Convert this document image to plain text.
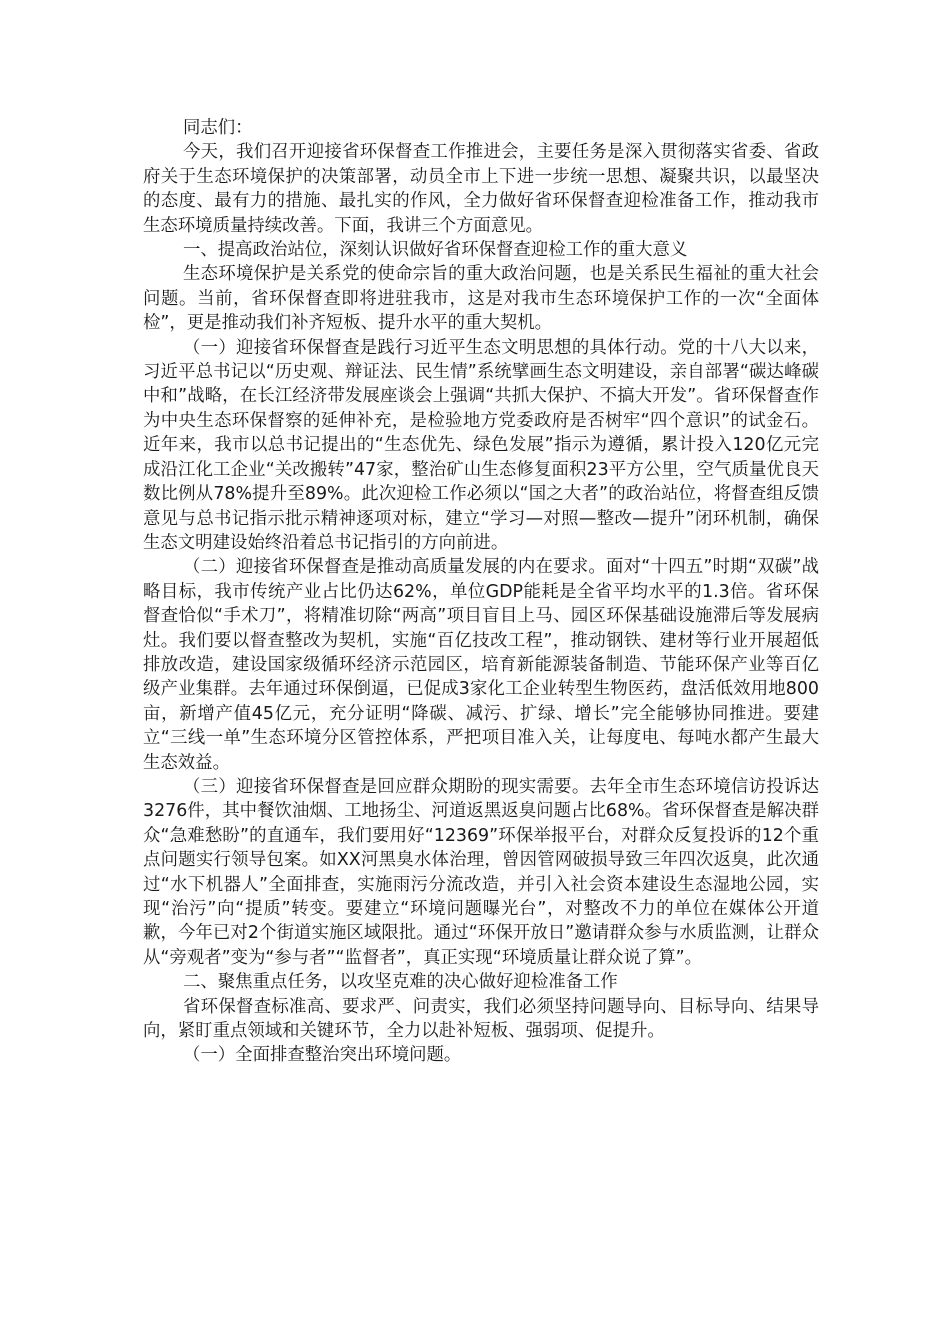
同志们：

今天，我们召开迎接省环保督查工作推进会，主要任务是深入贯彻落实省委、省政府关于生态环境保护的决策部署，动员全市上下进一步统一思想、凝聚共识，以最坚决的态度、最有力的措施、最扎实的作风，全力做好省环保督查迎检准备工作，推动我市生态环境质量持续改善。下面，我讲三个方面意见。

一、提高政治站位，深刻认识做好省环保督查迎检工作的重大意义

生态环境保护是关系党的使命宗旨的重大政治问题，也是关系民生福祉的重大社会问题。当前，省环保督查即将进驻我市，这是对我市生态环境保护工作的一次“全面体检”，更是推动我们补齐短板、提升水平的重大契机。

（一）迎接省环保督查是践行习近平生态文明思想的具体行动。党的十八大以来，习近平总书记以“历史观、辩证法、民生情”系统擘画生态文明建设，亲自部署“碳达峰碳中和”战略，在长江经济带发展座谈会上强调“共抓大保护、不搞大开发”。省环保督查作为中央生态环保督察的延伸补充，是检验地方党委政府是否树牢“四个意识”的试金石。近年来，我市以总书记提出的“生态优先、绿色发展”指示为遵循，累计投入120亿元完成沿江化工企业“关改搬转”47家，整治矿山生态修复面积23平方公里，空气质量优良天数比例从78%提升至89%。此次迎检工作必须以“国之大者”的政治站位，将督查组反馈意见与总书记指示批示精神逐项对标，建立“学习—对照—整改—提升”闭环机制，确保生态文明建设始终沿着总书记指引的方向前进。

（二）迎接省环保督查是推动高质量发展的内在要求。面对“十四五”时期“双碳”战略目标，我市传统产业占比仍达62%，单位GDP能耗是全省平均水平的1.3倍。省环保督查恰似“手术刀”，将精准切除“两高”项目盲目上马、园区环保基础设施滞后等发展病灶。我们要以督查整改为契机，实施“百亿技改工程”，推动钢铁、建材等行业开展超低排放改造，建设国家级循环经济示范园区，培育新能源装备制造、节能环保产业等百亿级产业集群。去年通过环保倒逼，已促成3家化工企业转型生物医药，盘活低效用地800亩，新增产值45亿元，充分证明“降碳、减污、扩绿、增长”完全能够协同推进。要建立“三线一单”生态环境分区管控体系，严把项目准入关，让每度电、每吨水都产生最大生态效益。

（三）迎接省环保督查是回应群众期盼的现实需要。去年全市生态环境信访投诉达3276件，其中餐饮油烟、工地扬尘、河道返黑返臭问题占比68%。省环保督查是解决群众“急难愁盼”的直通车，我们要用好“12369”环保举报平台，对群众反复投诉的12个重点问题实行领导包案。如XX河黑臭水体治理，曾因管网破损导致三年四次返臭，此次通过“水下机器人”全面排查，实施雨污分流改造，并引入社会资本建设生态湿地公园，实现“治污”向“提质”转变。要建立“环境问题曝光台”，对整改不力的单位在媒体公开道歉，今年已对2个街道实施区域限批。通过“环保开放日”邀请群众参与水质监测，让群众从“旁观者”变为“参与者”“监督者”，真正实现“环境质量让群众说了算”。

二、聚焦重点任务，以攻坚克难的决心做好迎检准备工作

省环保督查标准高、要求严、问责实，我们必须坚持问题导向、目标导向、结果导向，紧盯重点领域和关键环节，全力以赴补短板、强弱项、促提升。

（一）全面排查整治突出环境问题。
